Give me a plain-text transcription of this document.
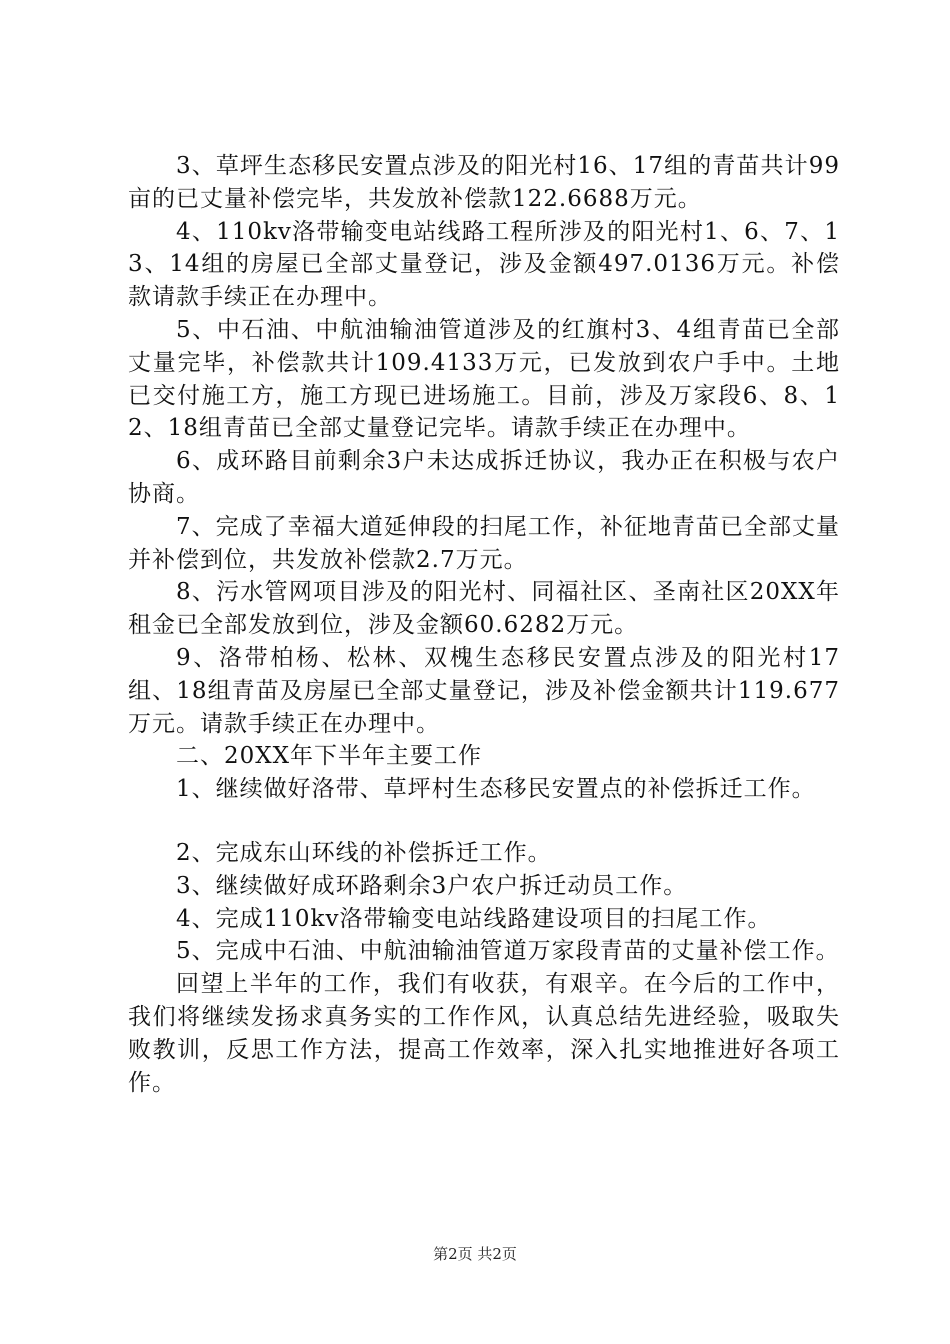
3、草坪生态移民安置点涉及的阳光村16、17组的青苗共计99亩的已丈量补偿完毕，共发放补偿款122.6688万元。

4、110kv洛带输变电站线路工程所涉及的阳光村1、6、7、13、14组的房屋已全部丈量登记，涉及金额497.0136万元。补偿款请款手续正在办理中。

5、中石油、中航油输油管道涉及的红旗村3、4组青苗已全部丈量完毕，补偿款共计109.4133万元，已发放到农户手中。土地已交付施工方，施工方现已进场施工。目前，涉及万家段6、8、12、18组青苗已全部丈量登记完毕。请款手续正在办理中。

6、成环路目前剩余3户未达成拆迁协议，我办正在积极与农户协商。

7、完成了幸福大道延伸段的扫尾工作，补征地青苗已全部丈量并补偿到位，共发放补偿款2.7万元。

8、污水管网项目涉及的阳光村、同福社区、圣南社区20XX年租金已全部发放到位，涉及金额60.6282万元。

9、洛带柏杨、松林、双槐生态移民安置点涉及的阳光村17组、18组青苗及房屋已全部丈量登记，涉及补偿金额共计119.677万元。请款手续正在办理中。

二、20XX年下半年主要工作

1、继续做好洛带、草坪村生态移民安置点的补偿拆迁工作。

2、完成东山环线的补偿拆迁工作。

3、继续做好成环路剩余3户农户拆迁动员工作。

4、完成110kv洛带输变电站线路建设项目的扫尾工作。

5、完成中石油、中航油输油管道万家段青苗的丈量补偿工作。

回望上半年的工作，我们有收获，有艰辛。在今后的工作中，我们将继续发扬求真务实的工作作风，认真总结先进经验，吸取失败教训，反思工作方法，提高工作效率，深入扎实地推进好各项工作。

第2页 共2页
